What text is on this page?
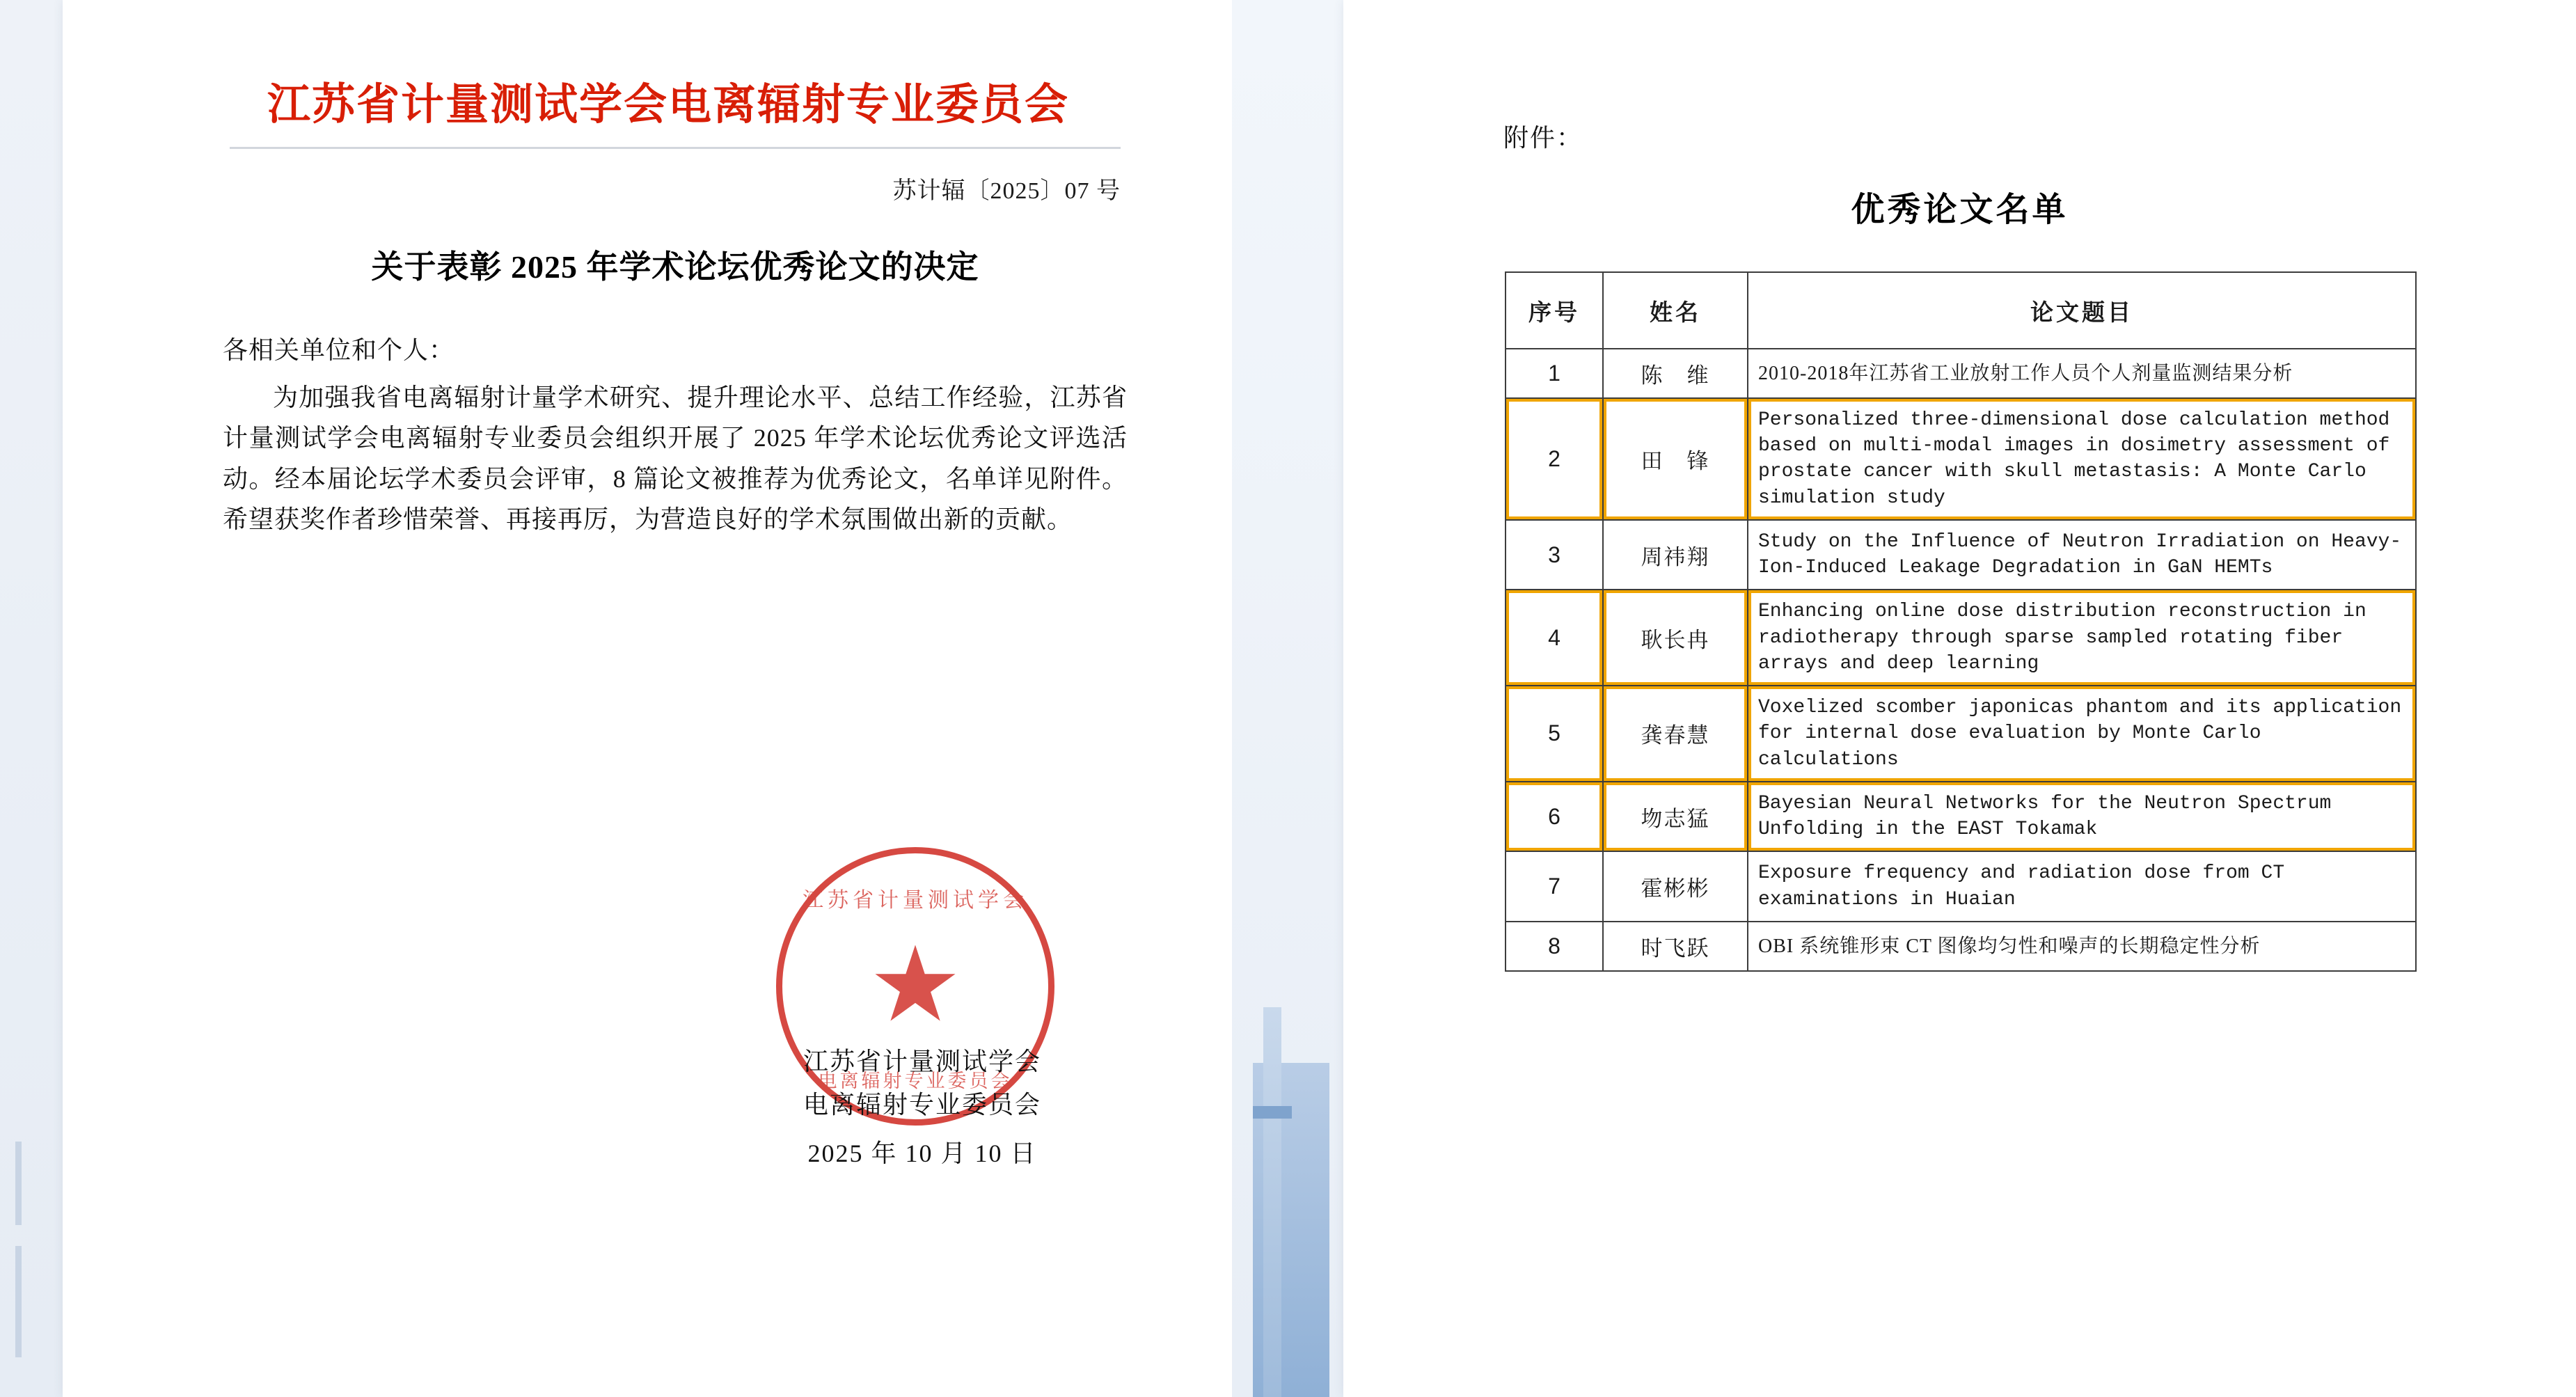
江苏省计量测试学会电离辐射专业委员会
苏计辐〔2025〕07 号
关于表彰 2025 年学术论坛优秀论文的决定
各相关单位和个人：
为加强我省电离辐射计量学术研究、提升理论水平、总结工作经验，江苏省计量测试学会电离辐射专业委员会组织开展了 2025 年学术论坛优秀论文评选活动。经本届论坛学术委员会评审，8 篇论文被推荐为优秀论文，名单详见附件。希望获奖作者珍惜荣誉、再接再厉，为营造良好的学术氛围做出新的贡献。
江苏省计量测试学会
★
电离辐射专业委员会
江苏省计量测试学会
电离辐射专业委员会
2025 年 10 月 10 日
附件：
优秀论文名单
序号	姓名	论文题目
1	陈　维	2010-2018年江苏省工业放射工作人员个人剂量监测结果分析
2	田　锋	Personalized three-dimensional dose calculation method based on multi-modal images in dosimetry assessment of prostate cancer with skull metastasis: A Monte Carlo simulation study
3	周祎翔	Study on the Influence of Neutron Irradiation on Heavy-Ion-Induced Leakage Degradation in GaN HEMTs
4	耿长冉	Enhancing online dose distribution reconstruction in radiotherapy through sparse sampled rotating fiber arrays and deep learning
5	龚春慧	Voxelized scomber japonicas phantom and its application for internal dose evaluation by Monte Carlo calculations
6	圽志猛	Bayesian Neural Networks for the Neutron Spectrum Unfolding in the EAST Tokamak
7	霍彬彬	Exposure frequency and radiation dose from CT examinations in Huaian
8	时飞跃	OBI 系统锥形束 CT 图像均匀性和噪声的长期稳定性分析
